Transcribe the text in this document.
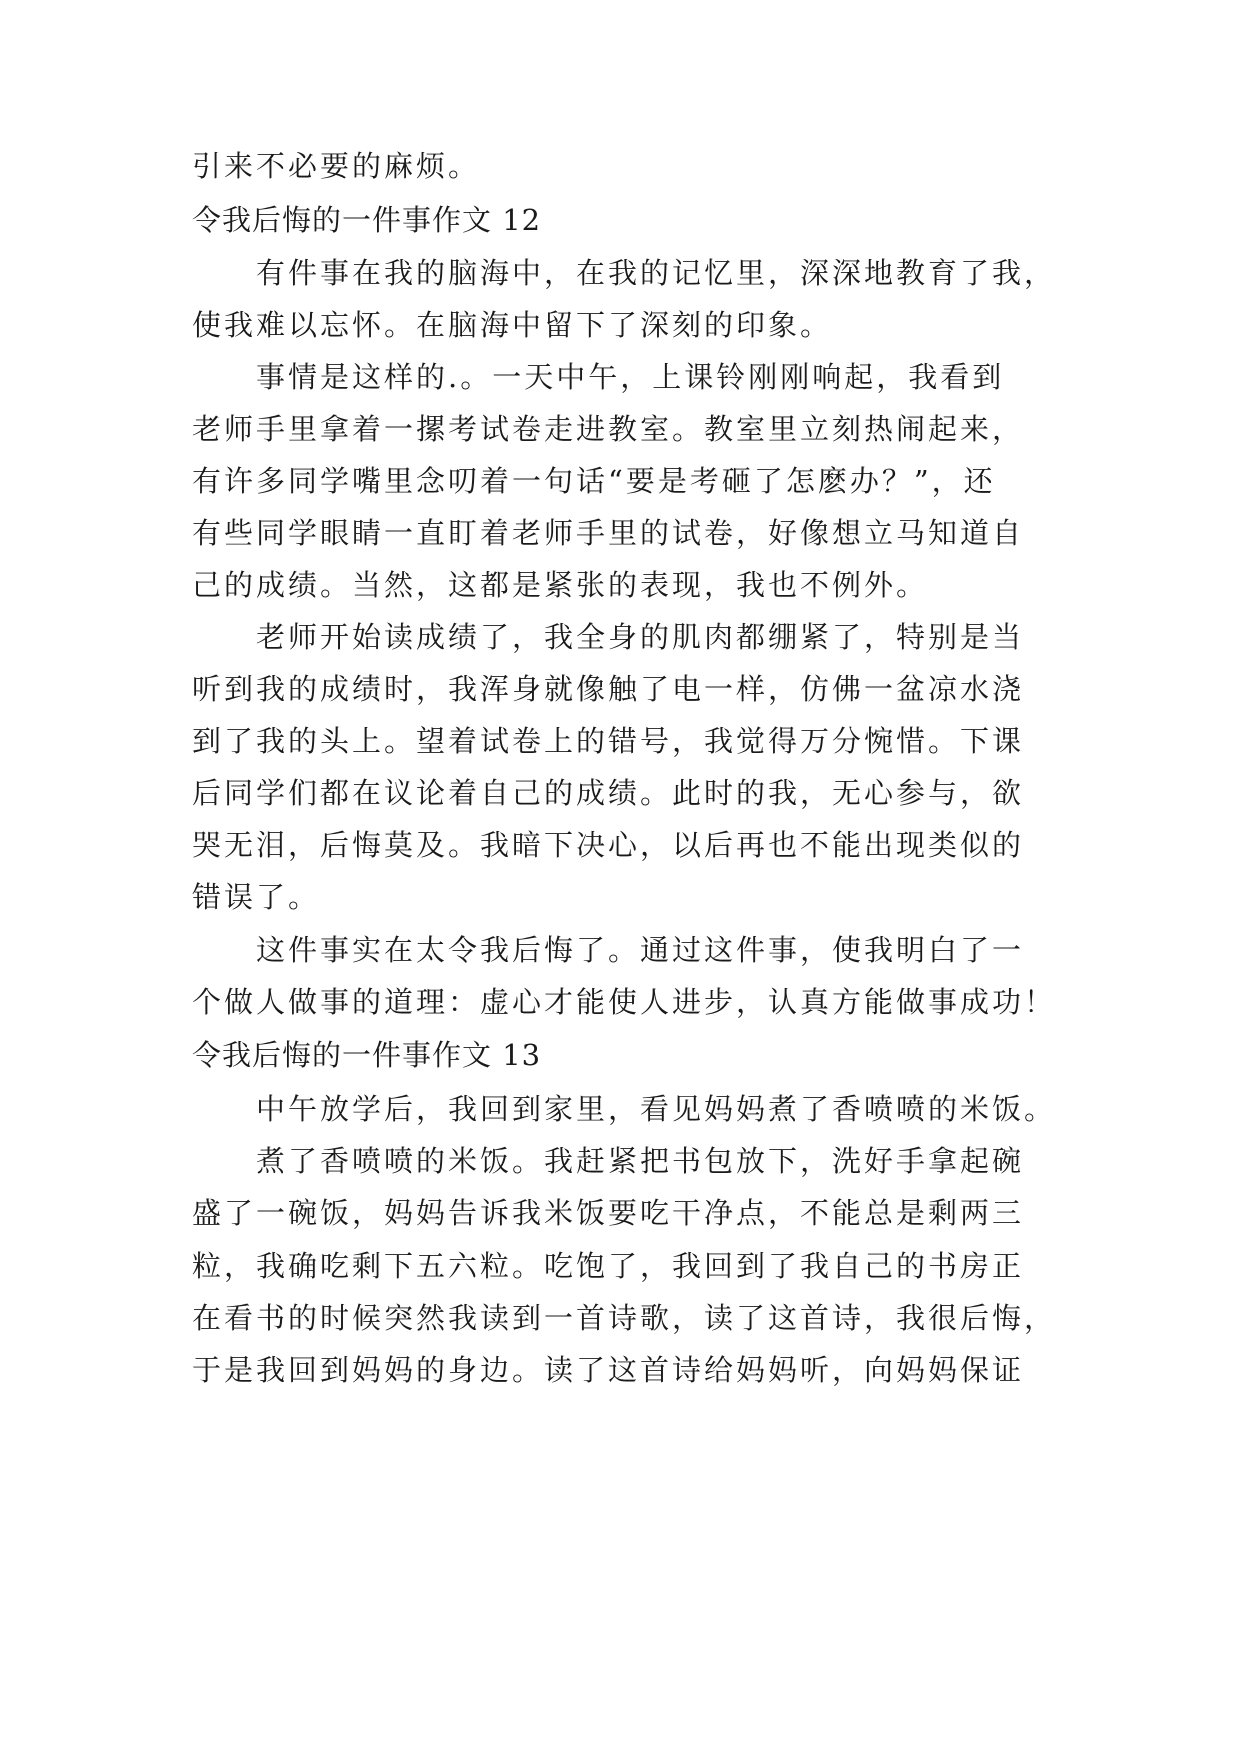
引来不必要的麻烦。
令我后悔的一件事作文 12
有件事在我的脑海中，在我的记忆里，深深地教育了我，
使我难以忘怀。在脑海中留下了深刻的印象。
事情是这样的.。一天中午，上课铃刚刚响起，我看到
老师手里拿着一摞考试卷走进教室。教室里立刻热闹起来，
有许多同学嘴里念叨着一句话“要是考砸了怎麽办？”，还
有些同学眼睛一直盯着老师手里的试卷，好像想立马知道自
己的成绩。当然，这都是紧张的表现，我也不例外。
老师开始读成绩了，我全身的肌肉都绷紧了，特别是当
听到我的成绩时，我浑身就像触了电一样，仿佛一盆凉水浇
到了我的头上。望着试卷上的错号，我觉得万分惋惜。下课
后同学们都在议论着自己的成绩。此时的我，无心参与，欲
哭无泪，后悔莫及。我暗下决心，以后再也不能出现类似的
错误了。
这件事实在太令我后悔了。通过这件事，使我明白了一
个做人做事的道理：虚心才能使人进步，认真方能做事成功！
令我后悔的一件事作文 13
中午放学后，我回到家里，看见妈妈煮了香喷喷的米饭。
煮了香喷喷的米饭。我赶紧把书包放下，洗好手拿起碗
盛了一碗饭，妈妈告诉我米饭要吃干净点，不能总是剩两三
粒，我确吃剩下五六粒。吃饱了，我回到了我自己的书房正
在看书的时候突然我读到一首诗歌，读了这首诗，我很后悔，
于是我回到妈妈的身边。读了这首诗给妈妈听，向妈妈保证
